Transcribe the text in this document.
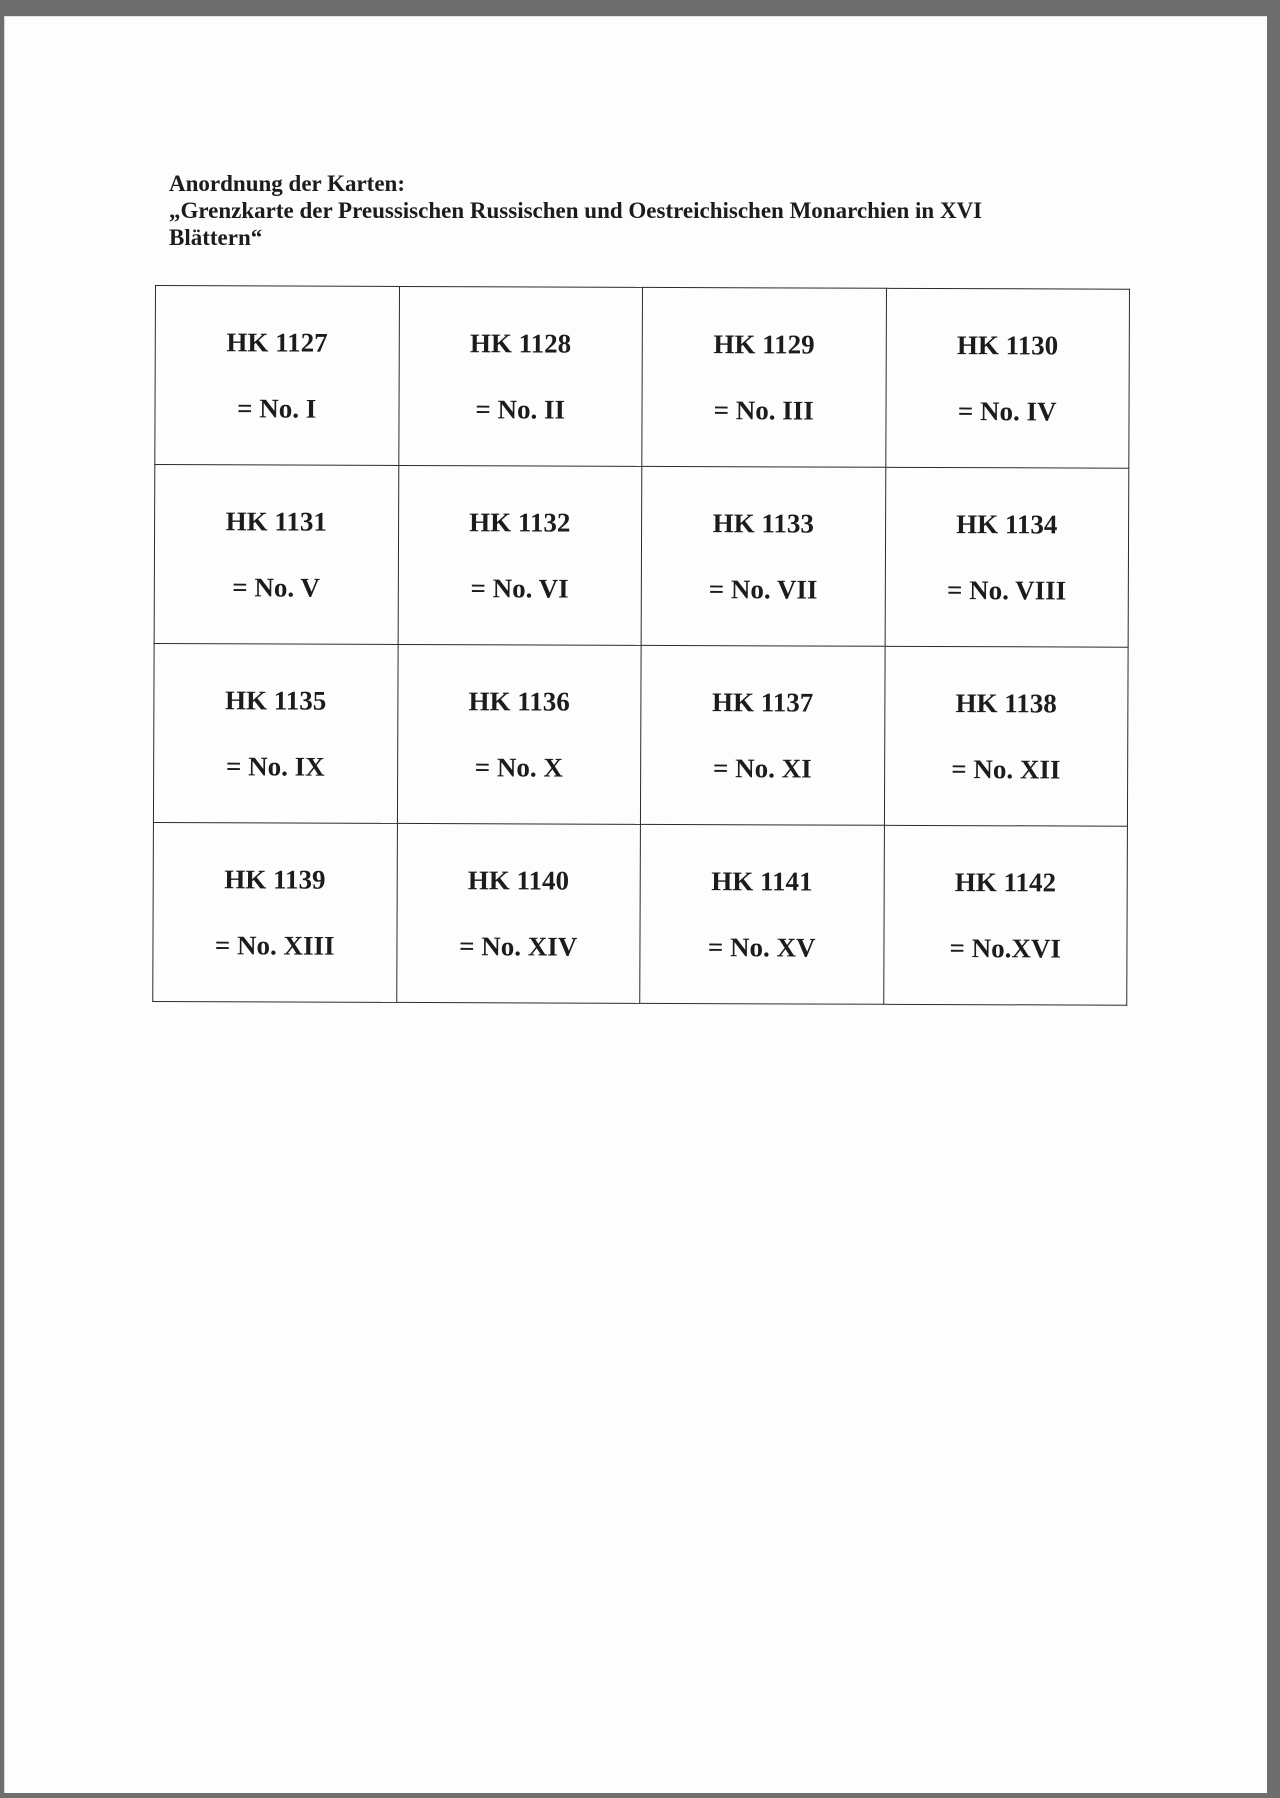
Anordnung der Karten:
„Grenzkarte der Preussischen Russischen und Oestreichischen Monarchien in XVI
Blättern“
HK 1127
= No. I	HK 1128
= No. II	HK 1129
= No. III	HK 1130
= No. IV

HK 1131
= No. V	HK 1132
= No. VI	HK 1133
= No. VII	HK 1134
= No. VIII

HK 1135
= No. IX	HK 1136
= No. X	HK 1137
= No. XI	HK 1138
= No. XII

HK 1139
= No. XIII	HK 1140
= No. XIV	HK 1141
= No. XV	HK 1142
= No.XVI
